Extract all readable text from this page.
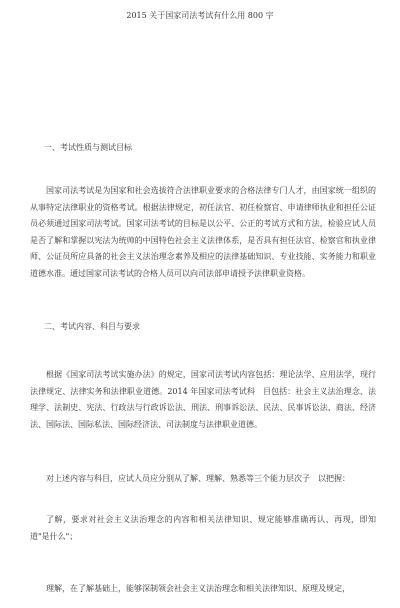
2015 关于国家司法考试有什么用 800 字
一、考试性质与测试目标
国家司法考试是为国家和社会选拔符合法律职业要求的合格法律专门人才，由国家统一组织的从事特定法律职业的资格考试。根据法律规定，初任法官、初任检察官、申请律师执业和担任公证员必须通过国家司法考试。国家司法考试的目标是以公平、公正的考试方式和方法，检验应试人员是否了解和掌握以宪法为统帅的中国特色社会主义法律体系，是否具有担任法官、检察官和执业律师、公证员所应具备的社会主义法治理念素养及相应的法律基础知识、专业技能、实务能力和职业道德水准。通过国家司法考试的合格人员可以向司法部申请授予法律职业资格。
二、考试内容、科目与要求
根据《国家司法考试实施办法》的规定，国家司法考试内容包括：理论法学、应用法学，现行法律规定、法律实务和法律职业道德。2014 年国家司法考试科　目包括：社会主义法治理念、法理学、法制史、宪法、行政法与行政诉讼法、刑法、刑事诉讼法、民法、民事诉讼法、商法、经济法、国际法、国际私法、国际经济法、司法制度与法律职业道德。
对上述内容与科目，应试人员应分别从了解、理解、熟悉等三个能力层次子　以把握：
了解，要求对社会主义法治理念的内容和相关法律知识、规定能够准确再认、再现，即知道"是什么"；
理解，在了解基础上，能够深制领会社会主义法治理念和相关法律知识、原理及规定，
